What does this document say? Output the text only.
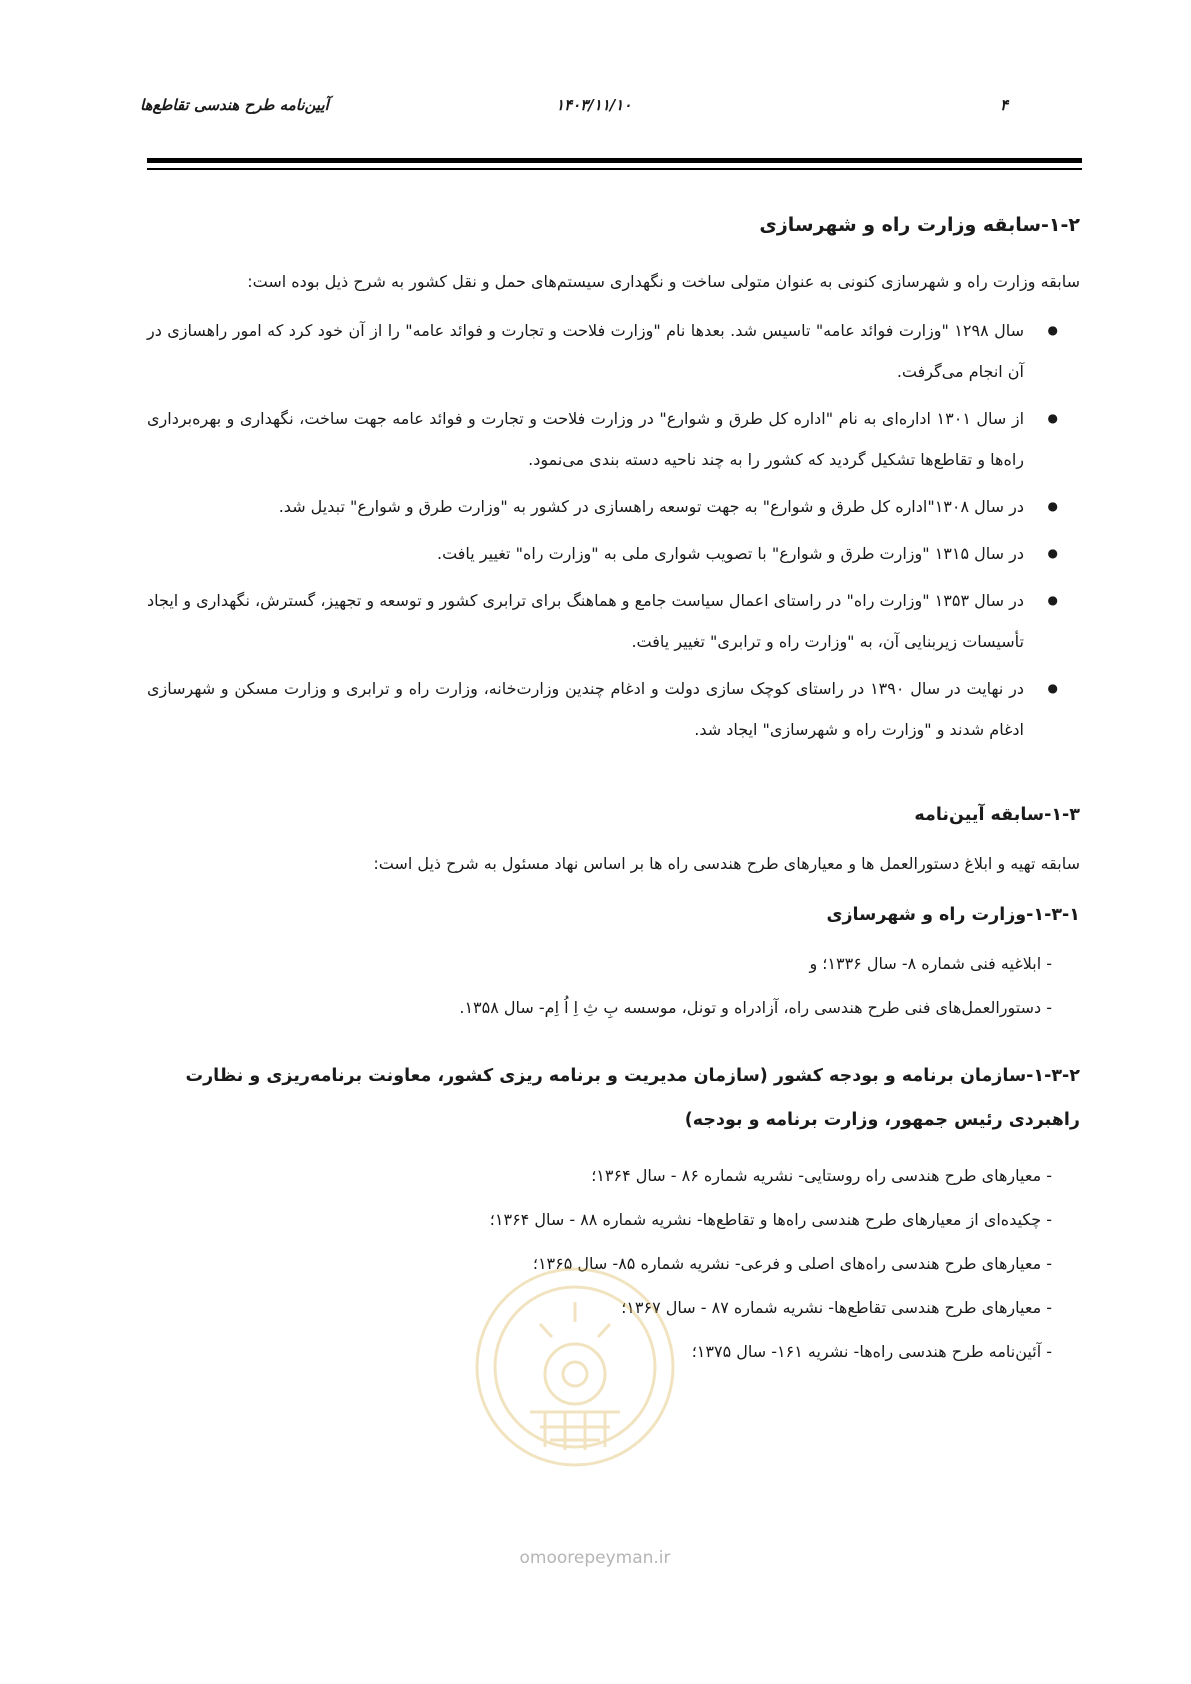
۴
۱۴۰۳/۱۱/۱۰
آیین‌نامه طرح هندسی تقاطع‌ها
۱-۲-سابقه وزارت راه و شهرسازی

سابقه وزارت راه و شهرسازی کنونی به عنوان متولی ساخت و نگهداری سیستم‌های حمل و نقل کشور به شرح ذیل بوده است:

● سال ۱۲۹۸ "وزارت فوائد عامه" تاسیس شد. بعدها نام "وزارت فلاحت و تجارت و فوائد عامه" را از آن خود کرد که امور راهسازی در آن انجام می‌گرفت.
● از سال ۱۳۰۱ اداره‌ای به نام "اداره کل طرق و شوارع" در وزارت فلاحت و تجارت و فوائد عامه جهت ساخت، نگهداری و بهره‌برداری راه‌ها و تقاطع‌ها تشکیل گردید که کشور را به چند ناحیه دسته بندی می‌نمود.
● در سال ۱۳۰۸"اداره کل طرق و شوارع" به جهت توسعه راهسازی در کشور به "وزارت طرق و شوارع" تبدیل شد.
● در سال ۱۳۱۵ "وزارت طرق و شوارع" با تصویب شوارى ملی به "وزارت راه" تغییر یافت.
● در سال ۱۳۵۳ "وزارت راه" در راستای اعمال سیاست جامع و هماهنگ برای ترابری کشور و توسعه و تجهیز، گسترش، نگهداری و ایجاد تأسیسات زیربنایی آن، به "وزارت راه و ترابری" تغییر یافت.
● در نهایت در سال ۱۳۹۰ در راستای کوچک سازی دولت و ادغام چندین وزارت‌خانه، وزارت راه و ترابری و وزارت مسکن و شهرسازی ادغام شدند و "وزارت راه و شهرسازی" ایجاد شد.
۱-۳-سابقه آیین‌نامه

سابقه تهیه و ابلاغ دستورالعمل ها و معیارهای طرح هندسی راه ها بر اساس نهاد مسئول به شرح ذیل است:

۱-۳-۱-وزارت راه و شهرسازی
- ابلاغیه فنی شماره ۸- سال ۱۳۳۶؛ و
- دستورالعمل‌های فنی طرح هندسی راه، آزادراه و تونل، موسسه بِ ثِ اِ اُ اِم- سال ۱۳۵۸.
۱-۳-۲-سازمان برنامه و بودجه کشور (سازمان مدیریت و برنامه ریزی کشور، معاونت برنامه‌ریزی و نظارت راهبردی رئیس جمهور، وزارت برنامه و بودجه)
- معیارهای طرح هندسی راه روستایی- نشریه شماره ۸۶ - سال ۱۳۶۴؛
- چکیده‌ای از معیارهای طرح هندسی راه‌ها و تقاطع‌ها- نشریه شماره ۸۸ - سال ۱۳۶۴؛
- معیارهای طرح هندسی راه‌های اصلی و فرعی- نشریه شماره ۸۵- سال ۱۳۶۵؛
- معیارهای طرح هندسی تقاطع‌ها- نشریه شماره ۸۷ - سال ۱۳۶۷؛
- آئین‌نامه طرح هندسی راه‌ها- نشریه ۱۶۱- سال ۱۳۷۵؛
omoorepeyman.ir
